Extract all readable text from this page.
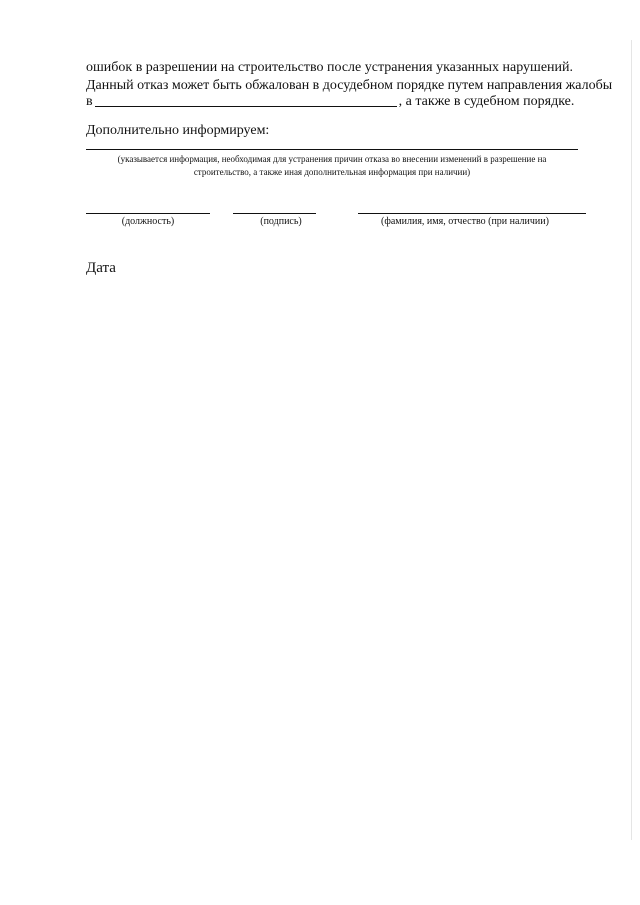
ошибок в разрешении на строительство после устранения указанных нарушений.
Данный отказ может быть обжалован в досудебном порядке путем направления жалобы
в	, а также в судебном порядке.
Дополнительно информируем:
(указывается информация, необходимая для устранения причин отказа во внесении изменений в разрешение на
строительство, а также иная дополнительная информация при наличии)
(должность)	(подпись)	(фамилия, имя, отчество (при наличии)
Дата
